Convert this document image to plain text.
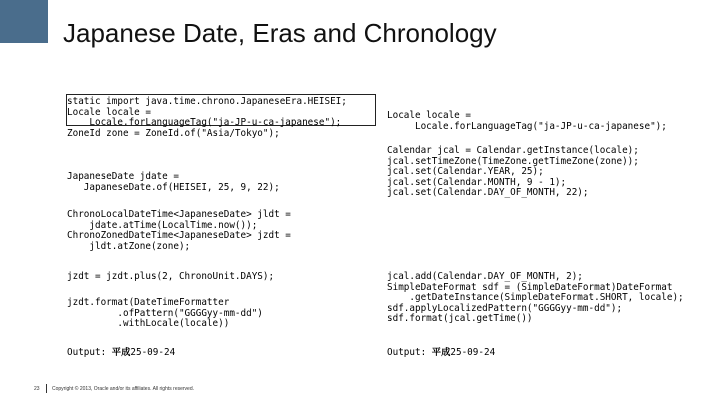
Japanese Date, Eras and Chronology
static import java.time.chrono.JapaneseEra.HEISEI;
Locale locale =
Locale.forLanguageTag("ja-JP-u-ca-japanese");
ZoneId zone = ZoneId.of("Asia/Tokyo");
JapaneseDate jdate =
JapaneseDate.of(HEISEI, 25, 9, 22);
ChronoLocalDateTime<JapaneseDate> jldt =
jdate.atTime(LocalTime.now());
ChronoZonedDateTime<JapaneseDate> jzdt =
jldt.atZone(zone);
jzdt = jzdt.plus(2, ChronoUnit.DAYS);
jzdt.format(DateTimeFormatter
.ofPattern("GGGGyy-mm-dd")
.withLocale(locale))
Output: 平成25-09-24
Locale locale =
Locale.forLanguageTag("ja-JP-u-ca-japanese");
Calendar jcal = Calendar.getInstance(locale);
jcal.setTimeZone(TimeZone.getTimeZone(zone));
jcal.set(Calendar.YEAR, 25);
jcal.set(Calendar.MONTH, 9 - 1);
jcal.set(Calendar.DAY_OF_MONTH, 22);
jcal.add(Calendar.DAY_OF_MONTH, 2);
SimpleDateFormat sdf = (SimpleDateFormat)DateFormat
.getDateInstance(SimpleDateFormat.SHORT, locale);
sdf.applyLocalizedPattern("GGGGyy-mm-dd");
sdf.format(jcal.getTime())
Output: 平成25-09-24
23 Copyright © 2013, Oracle and/or its affiliates. All rights reserved.
